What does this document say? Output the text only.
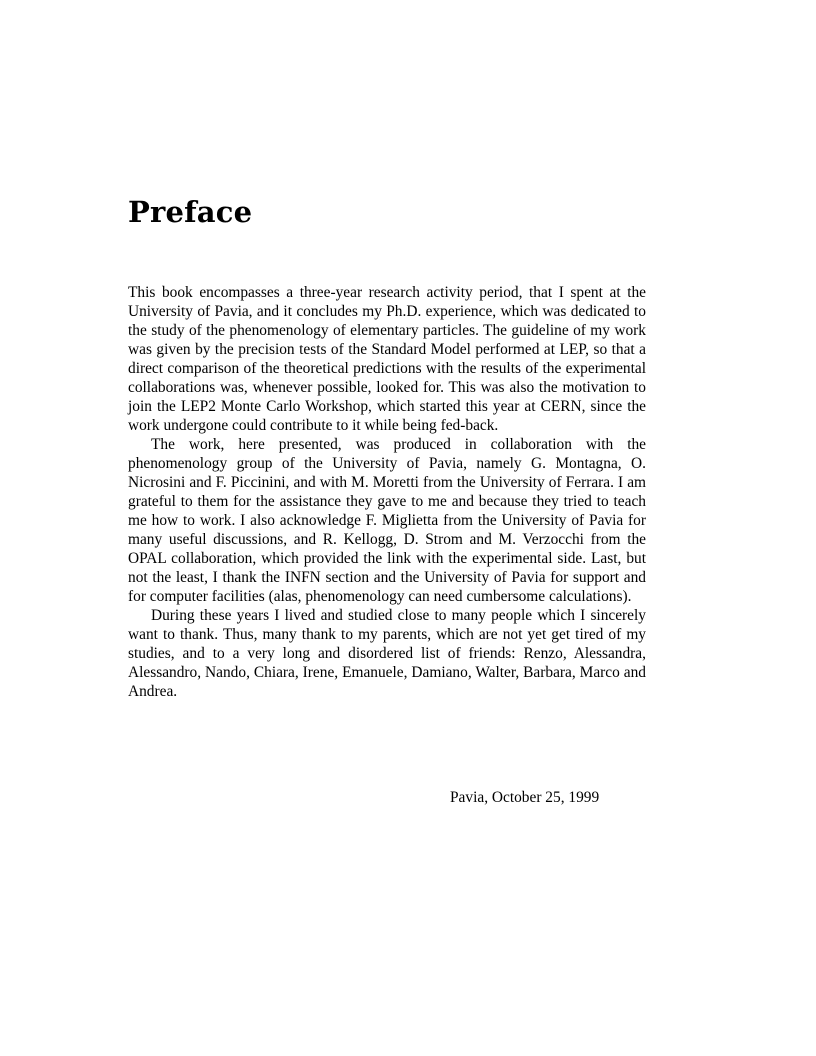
Preface

This book encompasses a three-year research activity period, that I spent at the University of Pavia, and it concludes my Ph.D. experience, which was dedicated to the study of the phenomenology of elementary particles. The guideline of my work was given by the precision tests of the Standard Model performed at LEP, so that a direct comparison of the theoretical predictions with the results of the experimental collaborations was, whenever possible, looked for. This was also the motivation to join the LEP2 Monte Carlo Workshop, which started this year at CERN, since the work undergone could contribute to it while being fed-back.

The work, here presented, was produced in collaboration with the phenomenology group of the University of Pavia, namely G. Montagna, O. Nicrosini and F. Piccinini, and with M. Moretti from the University of Ferrara. I am grateful to them for the assistance they gave to me and because they tried to teach me how to work. I also acknowledge F. Miglietta from the University of Pavia for many useful discussions, and R. Kellogg, D. Strom and M. Verzocchi from the OPAL collaboration, which provided the link with the experimental side. Last, but not the least, I thank the INFN section and the University of Pavia for support and for computer facilities (alas, phenomenology can need cumbersome calculations).

During these years I lived and studied close to many people which I sincerely want to thank. Thus, many thank to my parents, which are not yet get tired of my studies, and to a very long and disordered list of friends: Renzo, Alessandra, Alessandro, Nando, Chiara, Irene, Emanuele, Damiano, Walter, Barbara, Marco and Andrea.

Pavia, October 25, 1999
